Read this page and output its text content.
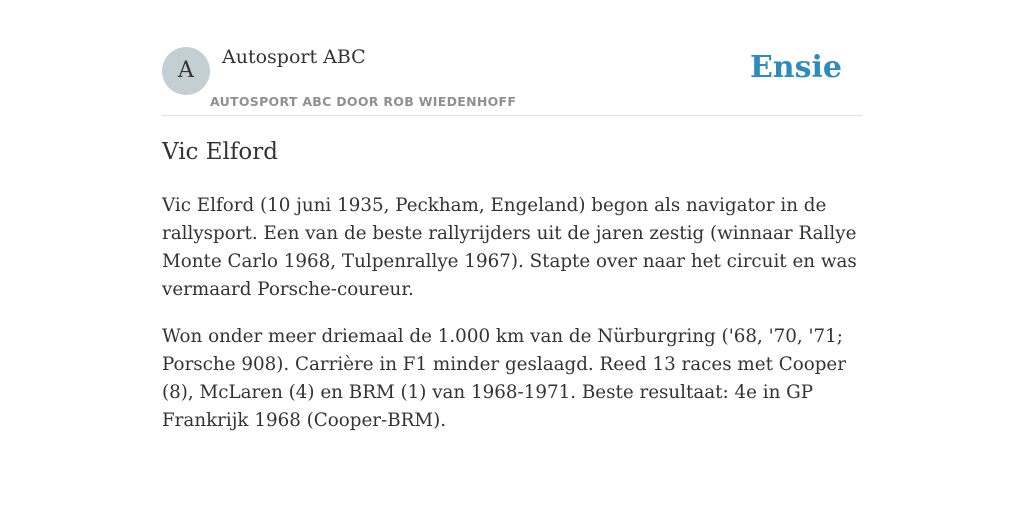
A
Autosport ABC
AUTOSPORT ABC DOOR ROB WIEDENHOFF
Ensie
Vic Elford

Vic Elford (10 juni 1935, Peckham, Engeland) begon als navigator in de rallysport. Een van de beste rallyrijders uit de jaren zestig (winnaar Rallye Monte Carlo 1968, Tulpenrallye 1967). Stapte over naar het circuit en was vermaard Porsche-coureur.

Won onder meer driemaal de 1.000 km van de Nürburgring ('68, '70, '71; Porsche 908). Carrière in F1 minder geslaagd. Reed 13 races met Cooper (8), McLaren (4) en BRM (1) van 1968-1971. Beste resultaat: 4e in GP Frankrijk 1968 (Cooper-BRM).
